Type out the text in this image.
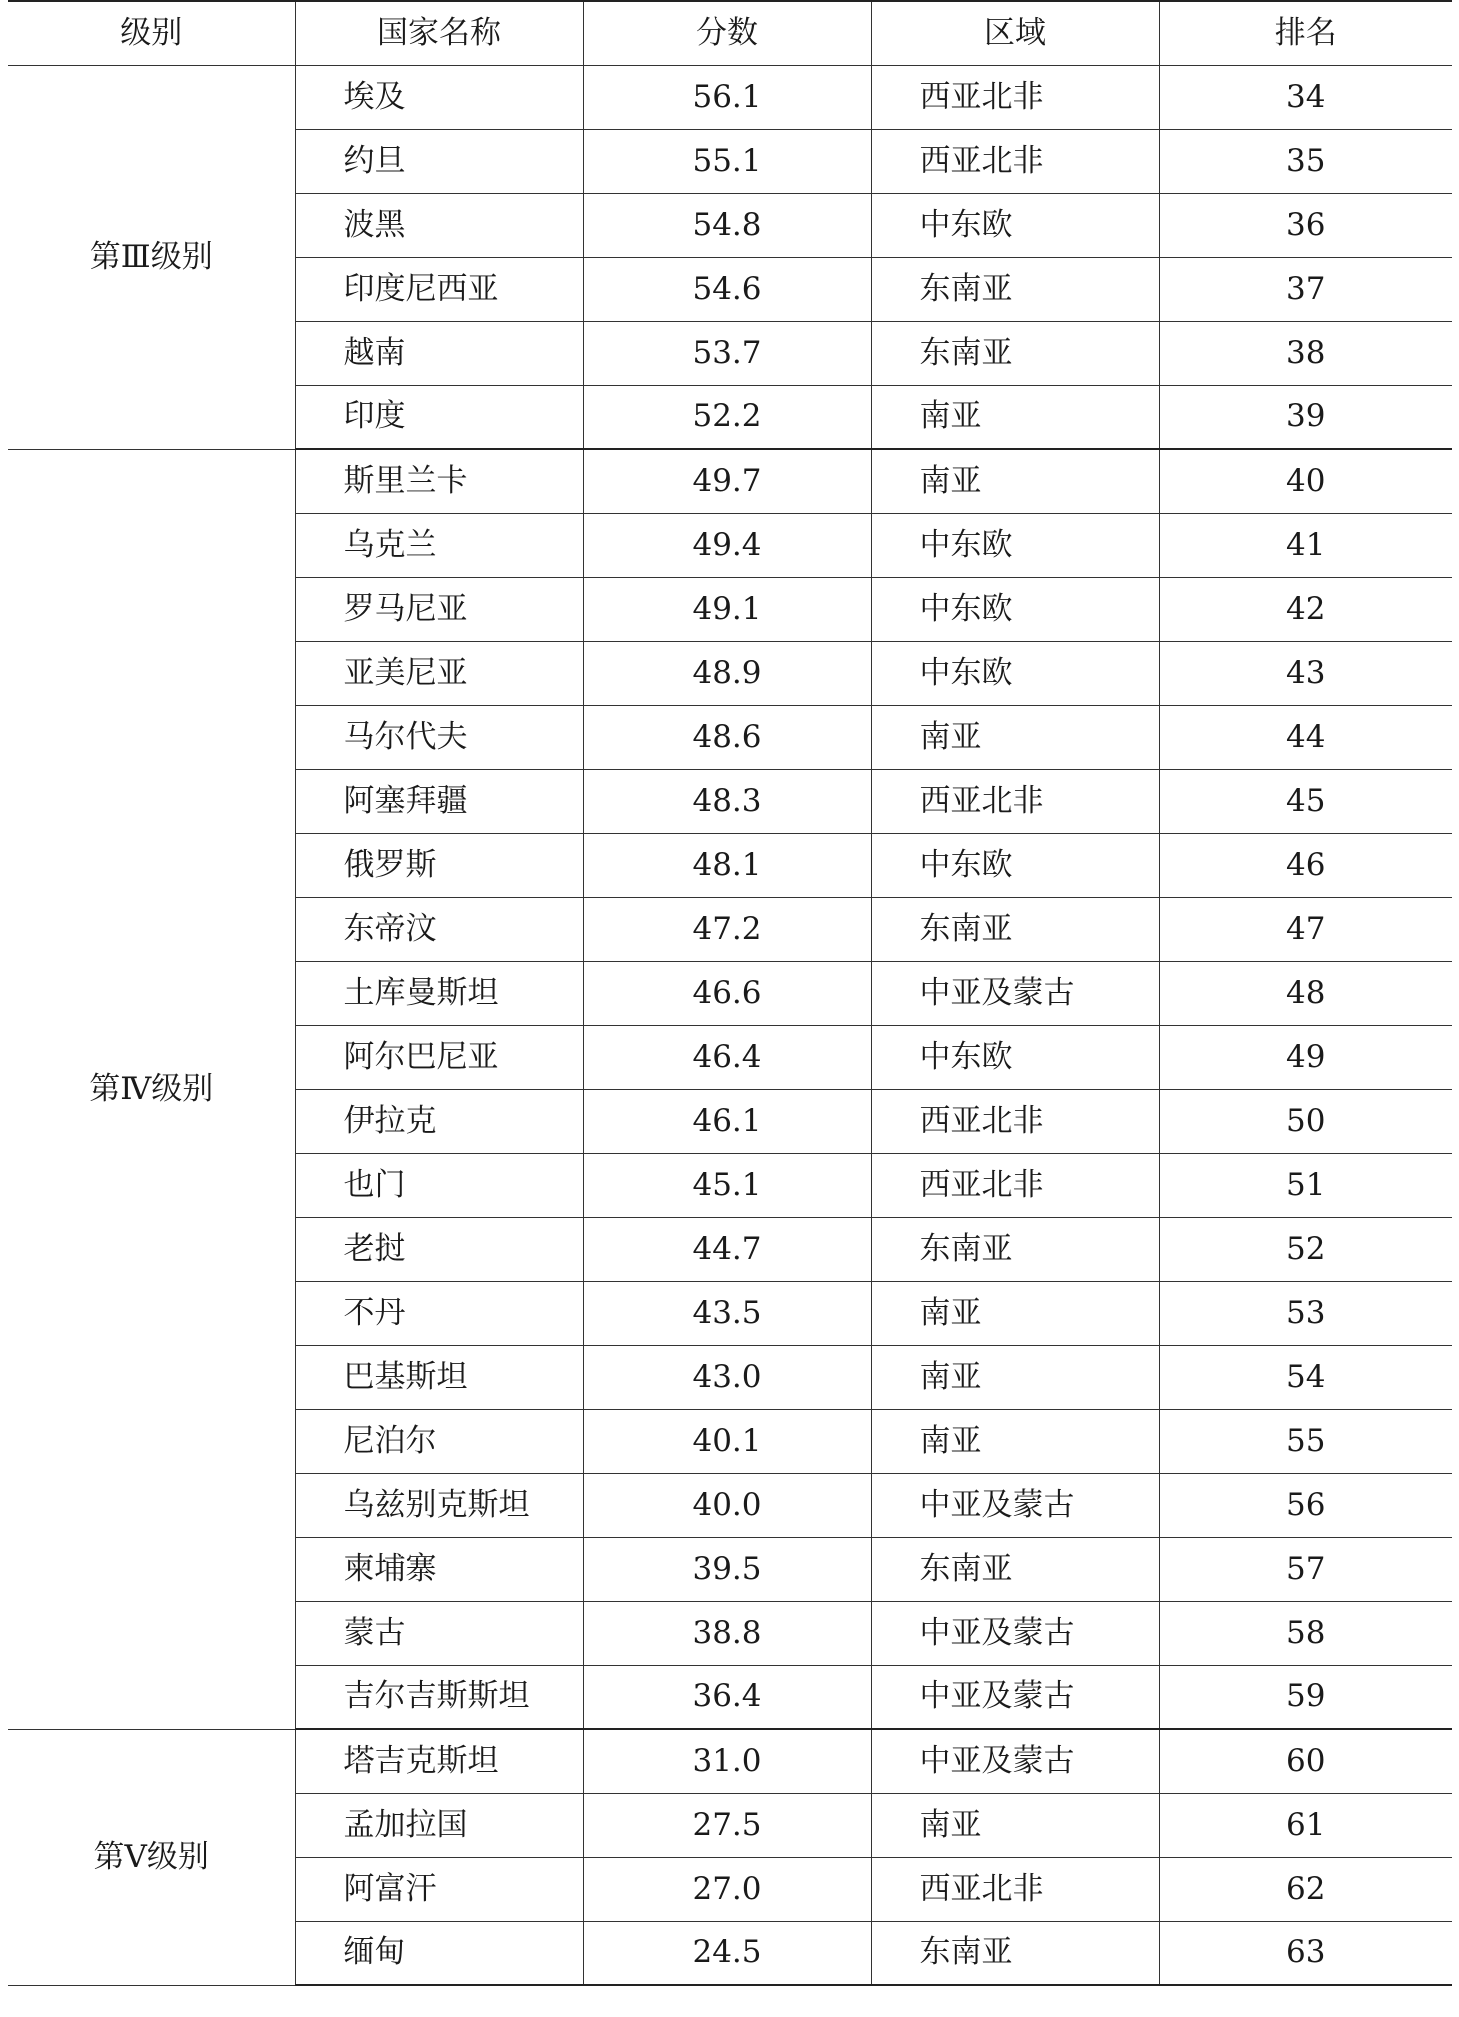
级别	国家名称	分数	区域	排名
第Ⅲ级别	埃及	56.1	西亚北非	34
	约旦	55.1	西亚北非	35
	波黑	54.8	中东欧	36
	印度尼西亚	54.6	东南亚	37
	越南	53.7	东南亚	38
	印度	52.2	南亚	39
第Ⅳ级别	斯里兰卡	49.7	南亚	40
	乌克兰	49.4	中东欧	41
	罗马尼亚	49.1	中东欧	42
	亚美尼亚	48.9	中东欧	43
	马尔代夫	48.6	南亚	44
	阿塞拜疆	48.3	西亚北非	45
	俄罗斯	48.1	中东欧	46
	东帝汶	47.2	东南亚	47
	土库曼斯坦	46.6	中亚及蒙古	48
	阿尔巴尼亚	46.4	中东欧	49
	伊拉克	46.1	西亚北非	50
	也门	45.1	西亚北非	51
	老挝	44.7	东南亚	52
	不丹	43.5	南亚	53
	巴基斯坦	43.0	南亚	54
	尼泊尔	40.1	南亚	55
	乌兹别克斯坦	40.0	中亚及蒙古	56
	柬埔寨	39.5	东南亚	57
	蒙古	38.8	中亚及蒙古	58
	吉尔吉斯斯坦	36.4	中亚及蒙古	59
第Ⅴ级别	塔吉克斯坦	31.0	中亚及蒙古	60
	孟加拉国	27.5	南亚	61
	阿富汗	27.0	西亚北非	62
	缅甸	24.5	东南亚	63
